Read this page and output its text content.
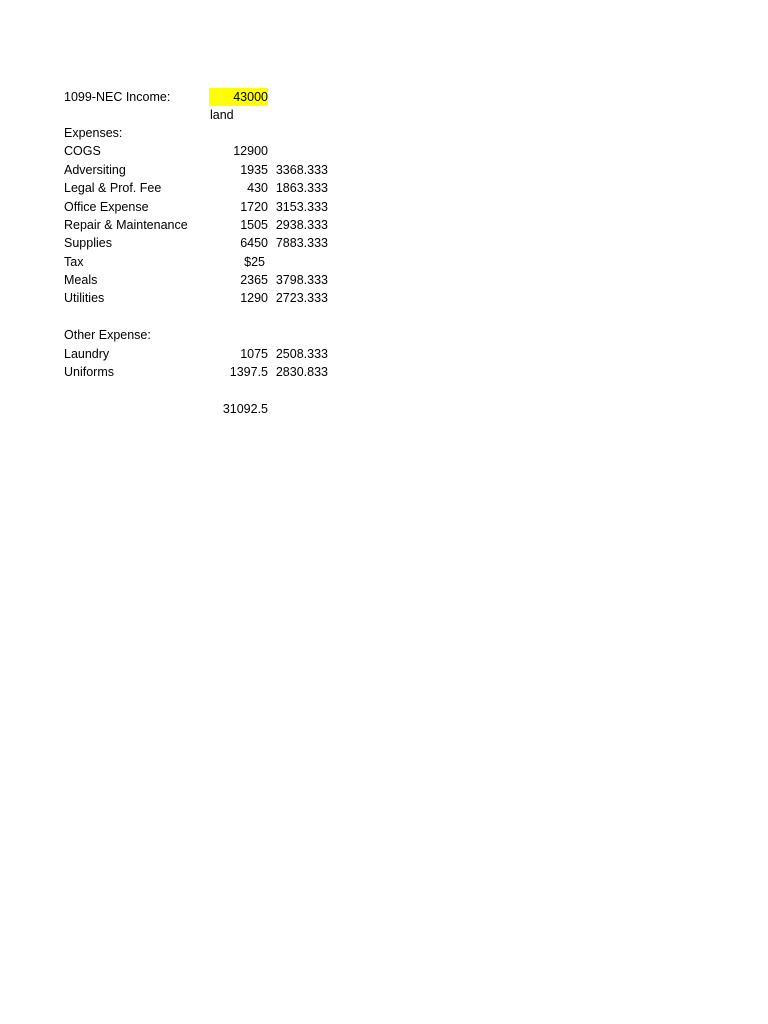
1099-NEC Income:	43000
land
Expenses:
COGS	12900
Adversiting	1935 3368.333
Legal & Prof. Fee	430 1863.333
Office Expense	1720 3153.333
Repair & Maintenance	1505 2938.333
Supplies	6450 7883.333
Tax	$25
Meals	2365 3798.333
Utilities	1290 2723.333
Other Expense:
Laundry	1075 2508.333
Uniforms	1397.5 2830.833
31092.5
